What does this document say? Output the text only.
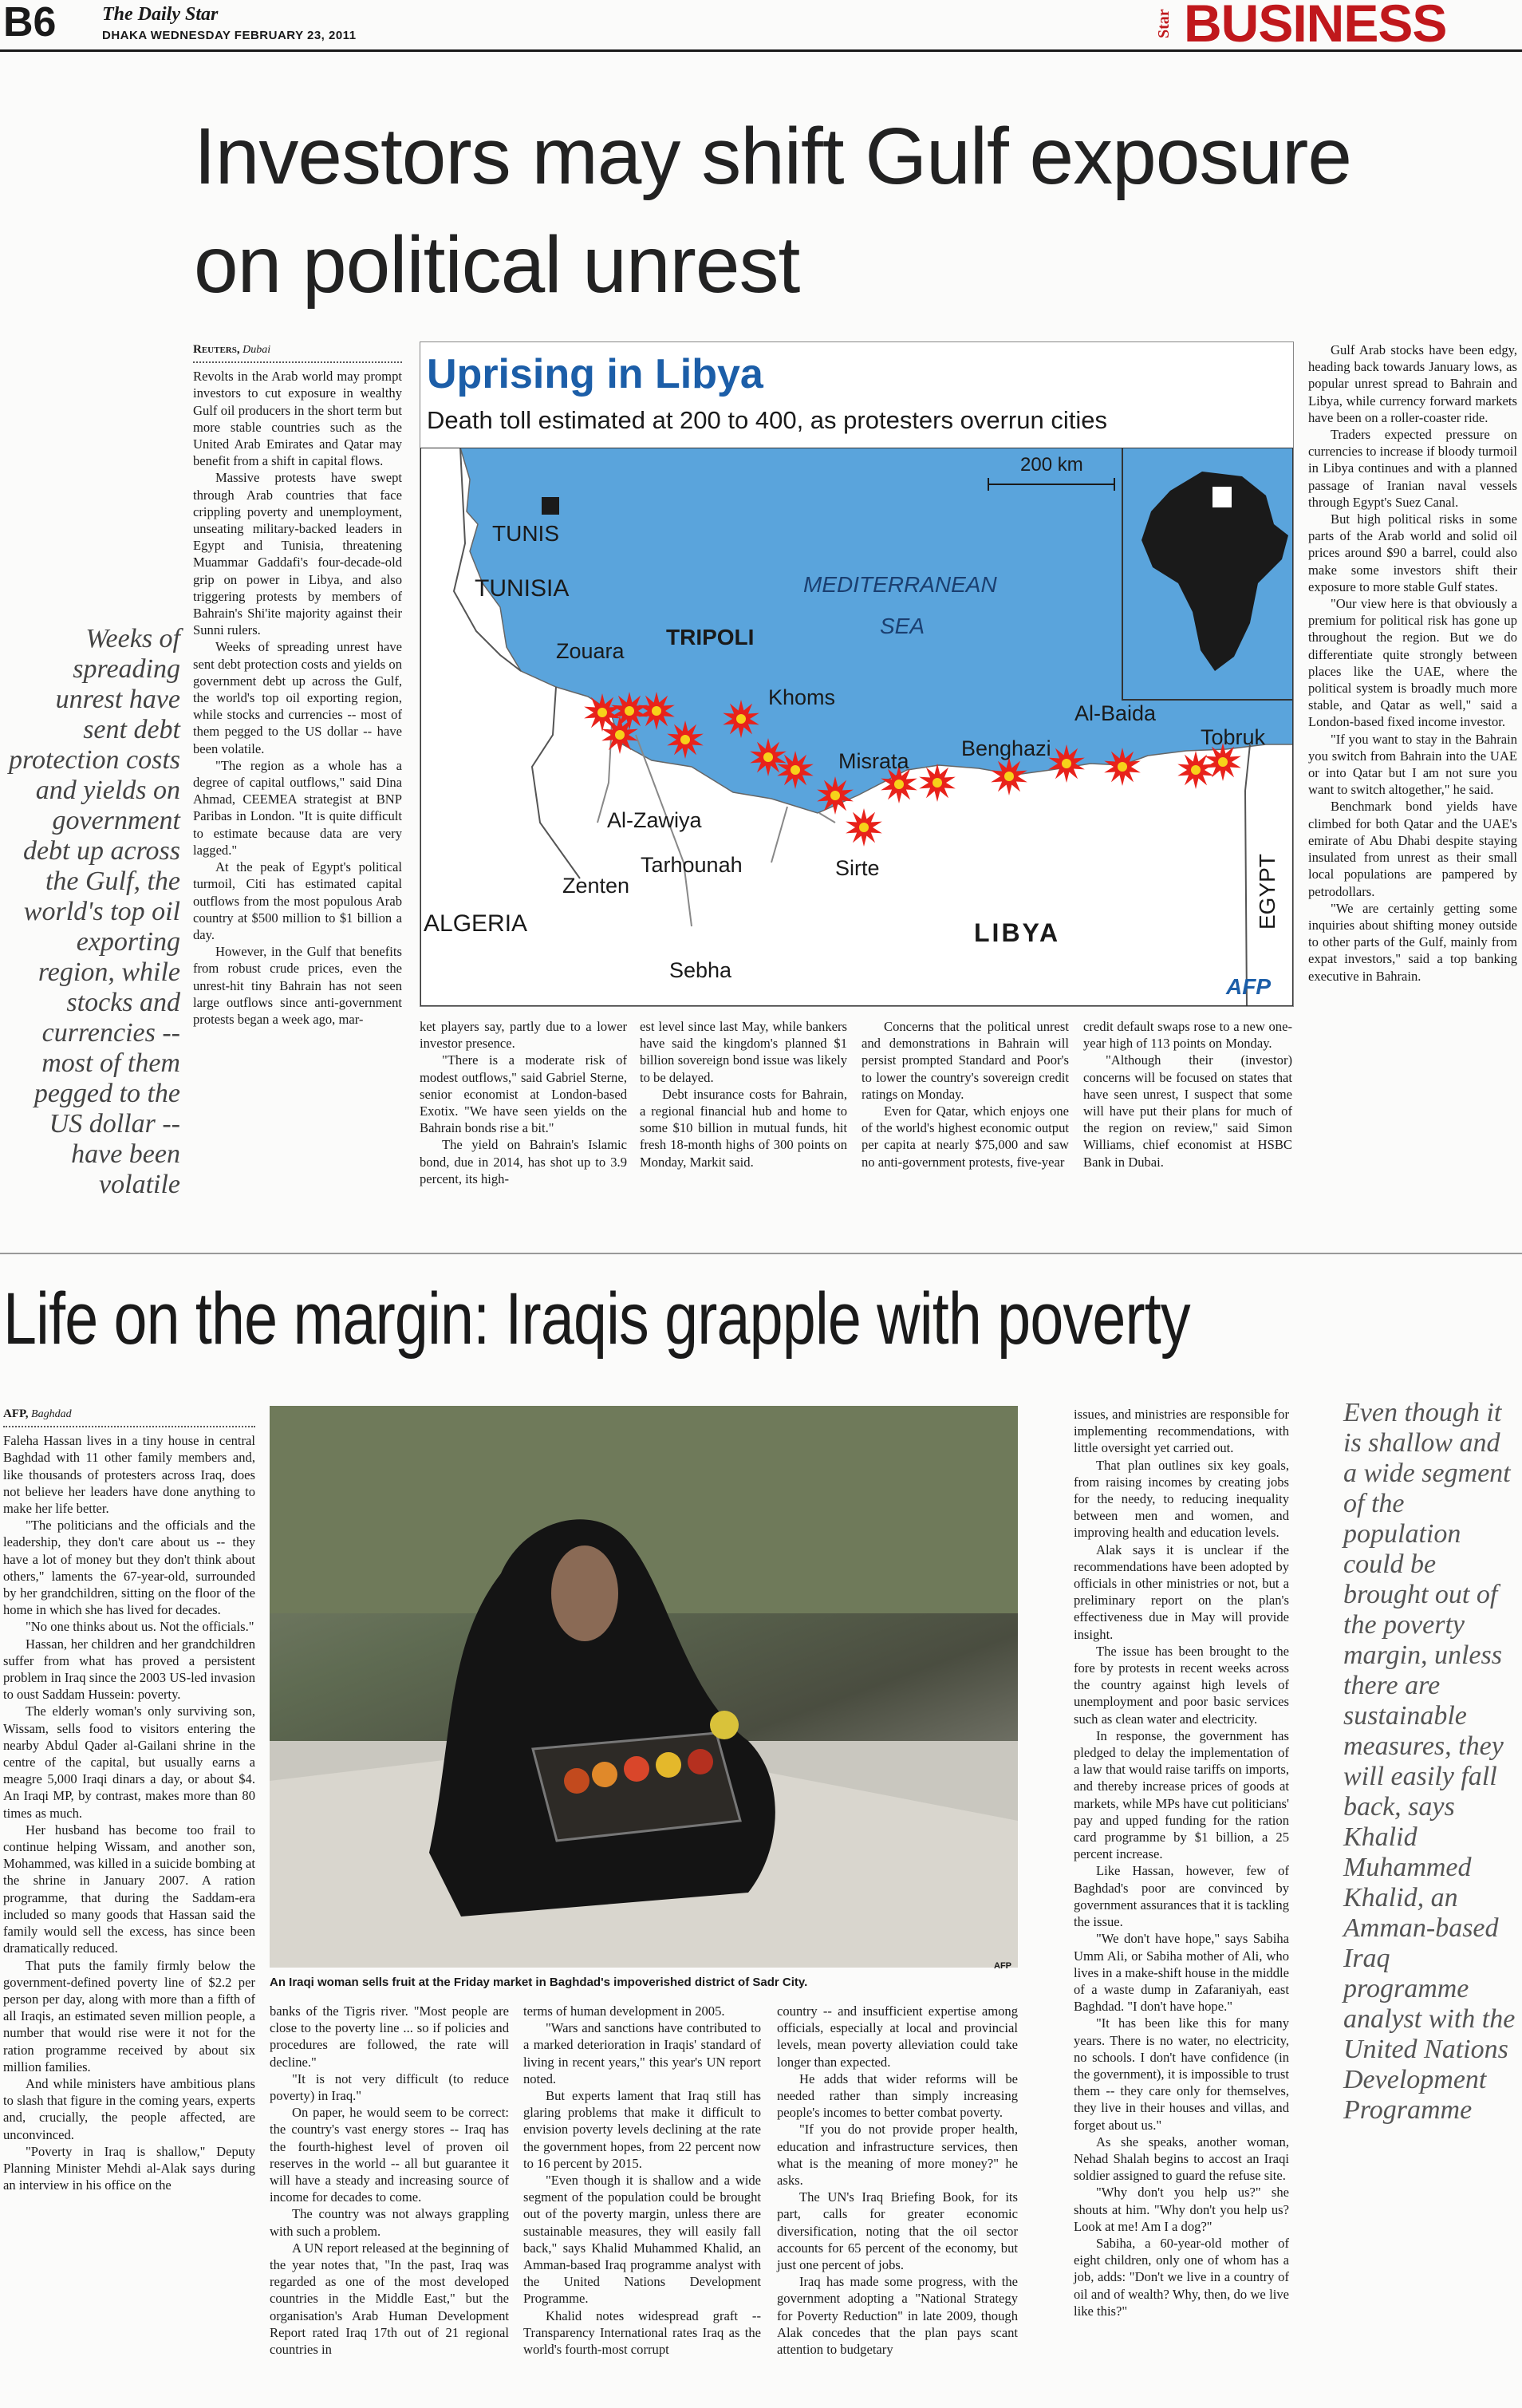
B6 The Daily Star
DHAKA WEDNESDAY FEBRUARY 23, 2011	Star BUSINESS
Investors may shift Gulf exposure
on political unrest
Weeks of spreading unrest have sent debt protection costs and yields on government debt up across the Gulf, the world's top oil exporting region, while stocks and currencies -- most of them pegged to the US dollar -- have been volatile
Reuters, Dubai

Revolts in the Arab world may prompt investors to cut exposure in wealthy Gulf oil producers in the short term but more stable countries such as the United Arab Emirates and Qatar may benefit from a shift in capital flows.

Massive protests have swept through Arab countries that face crippling poverty and unemployment, unseating military-backed leaders in Egypt and Tunisia, threatening Muammar Gaddafi's four-decade-old grip on power in Libya, and also triggering protests by members of Bahrain's Shi'ite majority against their Sunni rulers.

Weeks of spreading unrest have sent debt protection costs and yields on government debt up across the Gulf, the world's top oil exporting region, while stocks and currencies -- most of them pegged to the US dollar -- have been volatile.

"The region as a whole has a degree of capital outflows," said Dina Ahmad, CEEMEA strategist at BNP Paribas in London. "It is quite difficult to estimate because data are very lagged."

At the peak of Egypt's political turmoil, Citi has estimated capital outflows from the most populous Arab country at $500 million to $1 billion a day.

However, in the Gulf that benefits from robust crude prices, even the unrest-hit tiny Bahrain has not seen large outflows since anti-government protests began a week ago, mar-

Uprising in Libya
Death toll estimated at 200 to 400, as protesters overrun cities
200 km
TUNIS
TUNISIA	MEDITERRANEAN
SEA
TRIPOLI
Zouara
Khoms
Misrata
Benghazi
Al-Baida
Tobruk
Al-Zawiya
Tarhounah
Zenten
Sirte
ALGERIA	LIBYA
Sebha
EGYPT
AFP

ket players say, partly due to a lower investor presence.

"There is a moderate risk of modest outflows," said Gabriel Sterne, senior economist at London-based Exotix. "We have seen yields on the Bahrain bonds rise a bit."

The yield on Bahrain's Islamic bond, due in 2014, has shot up to 3.9 percent, its high-

est level since last May, while bankers have said the kingdom's planned $1 billion sovereign bond issue was likely to be delayed.

Debt insurance costs for Bahrain, a regional financial hub and home to some $10 billion in mutual funds, hit fresh 18-month highs of 300 points on Monday, Markit said.

Concerns that the political unrest and demonstrations in Bahrain will persist prompted Standard and Poor's to lower the country's sovereign credit ratings on Monday.

Even for Qatar, which enjoys one of the world's highest economic output per capita at nearly $75,000 and saw no anti-government protests, five-year

credit default swaps rose to a new one-year high of 113 points on Monday.

"Although their (investor) concerns will be focused on states that have seen unrest, I suspect that some will have put their plans for much of the region on review," said Simon Williams, chief economist at HSBC Bank in Dubai.

Gulf Arab stocks have been edgy, heading back towards January lows, as popular unrest spread to Bahrain and Libya, while currency forward markets have been on a roller-coaster ride.

Traders expected pressure on currencies to increase if bloody turmoil in Libya continues and with a planned passage of Iranian naval vessels through Egypt's Suez Canal.

But high political risks in some parts of the Arab world and solid oil prices around $90 a barrel, could also make some investors shift their exposure to more stable Gulf states.

"Our view here is that obviously a premium for political risk has gone up throughout the region. But we do differentiate quite strongly between places like the UAE, where the political system is broadly much more stable, and Qatar as well," said a London-based fixed income investor.

"If you want to stay in the Bahrain you switch from Bahrain into the UAE or into Qatar but I am not sure you want to switch altogether," he said.

Benchmark bond yields have climbed for both Qatar and the UAE's emirate of Abu Dhabi despite staying insulated from unrest as their small local populations are pampered by petrodollars.

"We are certainly getting some inquiries about shifting money outside to other parts of the Gulf, mainly from expat investors," said a top banking executive in Bahrain.

Life on the margin: Iraqis grapple with poverty
AFP, Baghdad

Faleha Hassan lives in a tiny house in central Baghdad with 11 other family members and, like thousands of protesters across Iraq, does not believe her leaders have done anything to make her life better.

"The politicians and the officials and the leadership, they don't care about us -- they have a lot of money but they don't think about others," laments the 67-year-old, surrounded by her grandchildren, sitting on the floor of the home in which she has lived for decades.

"No one thinks about us. Not the officials."

Hassan, her children and her grandchildren suffer from what has proved a persistent problem in Iraq since the 2003 US-led invasion to oust Saddam Hussein: poverty.

The elderly woman's only surviving son, Wissam, sells food to visitors entering the nearby Abdul Qader al-Gailani shrine in the centre of the capital, but usually earns a meagre 5,000 Iraqi dinars a day, or about $4. An Iraqi MP, by contrast, makes more than 80 times as much.

Her husband has become too frail to continue helping Wissam, and another son, Mohammed, was killed in a suicide bombing at the shrine in January 2007. A ration programme, that during the Saddam-era included so many goods that Hassan said the family would sell the excess, has since been dramatically reduced.

That puts the family firmly below the government-defined poverty line of $2.2 per person per day, along with more than a fifth of all Iraqis, an estimated seven million people, a number that would rise were it not for the ration programme received by about six million families.

And while ministers have ambitious plans to slash that figure in the coming years, experts and, crucially, the people affected, are unconvinced.

"Poverty in Iraq is shallow," Deputy Planning Minister Mehdi al-Alak says during an interview in his office on the

An Iraqi woman sells fruit at the Friday market in Baghdad's impoverished district of Sadr City.
AFP

banks of the Tigris river. "Most people are close to the poverty line ... so if policies and procedures are followed, the rate will decline."

"It is not very difficult (to reduce poverty) in Iraq."

On paper, he would seem to be correct: the country's vast energy stores -- Iraq has the fourth-highest level of proven oil reserves in the world -- all but guarantee it will have a steady and increasing source of income for decades to come.

The country was not always grappling with such a problem.

A UN report released at the beginning of the year notes that, "In the past, Iraq was regarded as one of the most developed countries in the Middle East," but the organisation's Arab Human Development Report rated Iraq 17th out of 21 regional countries in

terms of human development in 2005.

"Wars and sanctions have contributed to a marked deterioration in Iraqis' standard of living in recent years," this year's UN report noted.

But experts lament that Iraq still has glaring problems that make it difficult to envision poverty levels declining at the rate the government hopes, from 22 percent now to 16 percent by 2015.

"Even though it is shallow and a wide segment of the population could be brought out of the poverty margin, unless there are sustainable measures, they will easily fall back," says Khalid Muhammed Khalid, an Amman-based Iraq programme analyst with the United Nations Development Programme.

Khalid notes widespread graft -- Transparency International rates Iraq as the world's fourth-most corrupt

country -- and insufficient expertise among officials, especially at local and provincial levels, mean poverty alleviation could take longer than expected.

He adds that wider reforms will be needed rather than simply increasing people's incomes to better combat poverty.

"If you do not provide proper health, education and infrastructure services, then what is the meaning of more money?" he asks.

The UN's Iraq Briefing Book, for its part, calls for greater economic diversification, noting that the oil sector accounts for 65 percent of the economy, but just one percent of jobs.

Iraq has made some progress, with the government adopting a "National Strategy for Poverty Reduction" in late 2009, though Alak concedes that the plan pays scant attention to budgetary

issues, and ministries are responsible for implementing recommendations, with little oversight yet carried out.

That plan outlines six key goals, from raising incomes by creating jobs for the needy, to reducing inequality between men and women, and improving health and education levels.

Alak says it is unclear if the recommendations have been adopted by officials in other ministries or not, but a preliminary report on the plan's effectiveness due in May will provide insight.

The issue has been brought to the fore by protests in recent weeks across the country against high levels of unemployment and poor basic services such as clean water and electricity.

In response, the government has pledged to delay the implementation of a law that would raise tariffs on imports, and thereby increase prices of goods at markets, while MPs have cut politicians' pay and upped funding for the ration card programme by $1 billion, a 25 percent increase.

Like Hassan, however, few of Baghdad's poor are convinced by government assurances that it is tackling the issue.

"We don't have hope," says Sabiha Umm Ali, or Sabiha mother of Ali, who lives in a make-shift house in the middle of a waste dump in Zafaraniyah, east Baghdad. "I don't have hope."

"It has been like this for many years. There is no water, no electricity, no schools. I don't have confidence (in the government), it is impossible to trust them -- they care only for themselves, they live in their houses and villas, and forget about us."

As she speaks, another woman, Nehad Shalah begins to accost an Iraqi soldier assigned to guard the refuse site.

"Why don't you help us?" she shouts at him. "Why don't you help us? Look at me! Am I a dog?"

Sabiha, a 60-year-old mother of eight children, only one of whom has a job, adds: "Don't we live in a country of oil and of wealth? Why, then, do we live like this?"

Even though it is shallow and a wide segment of the population could be brought out of the poverty margin, unless there are sustainable measures, they will easily fall back, says Khalid Muhammed Khalid, an Amman-based Iraq programme analyst with the United Nations Development Programme
